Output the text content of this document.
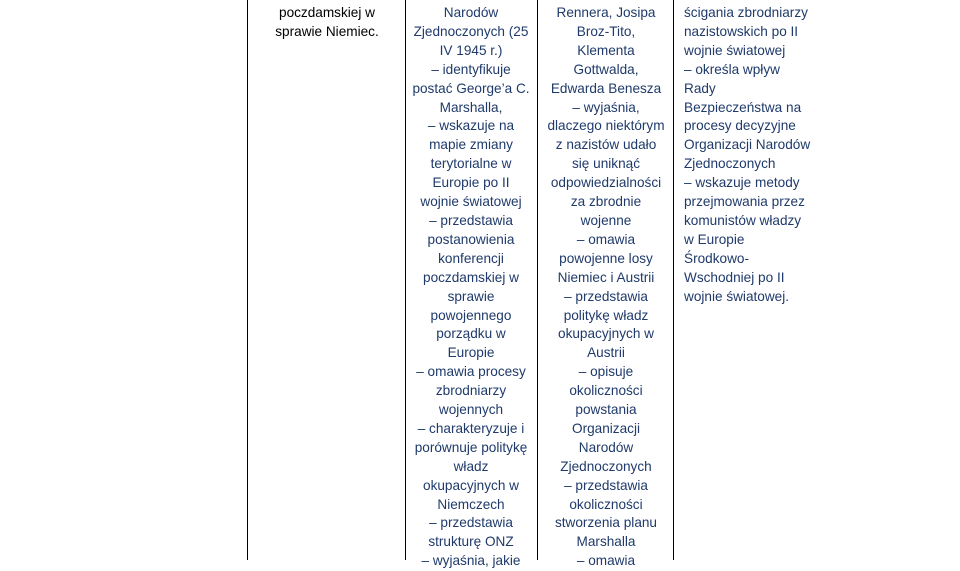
poczdamskiej w
sprawie Niemiec.
Narodów
Zjednoczonych (25
IV 1945 r.)
– identyfikuje
postać George’a C.
Marshalla,
– wskazuje na
mapie zmiany
terytorialne w
Europie po II
wojnie światowej
– przedstawia
postanowienia
konferencji
poczdamskiej w
sprawie
powojennego
porządku w
Europie
– omawia procesy
zbrodniarzy
wojennych
– charakteryzuje i
porównuje politykę
władz
okupacyjnych w
Niemczech
– przedstawia
strukturę ONZ
– wyjaśnia, jakie
Rennera, Josipa
Broz-Tito,
Klementa
Gottwalda,
Edwarda Benesza
– wyjaśnia,
dlaczego niektórym
z nazistów udało
się uniknąć
odpowiedzialności
za zbrodnie
wojenne
– omawia
powojenne losy
Niemiec i Austrii
– przedstawia
politykę władz
okupacyjnych w
Austrii
– opisuje
okoliczności
powstania
Organizacji
Narodów
Zjednoczonych
– przedstawia
okoliczności
stworzenia planu
Marshalla
– omawia
ścigania zbrodniarzy
nazistowskich po II
wojnie światowej
– określa wpływ
Rady
Bezpieczeństwa na
procesy decyzyjne
Organizacji Narodów
Zjednoczonych
– wskazuje metody
przejmowania przez
komunistów władzy
w Europie
Środkowo-
Wschodniej po II
wojnie światowej.
